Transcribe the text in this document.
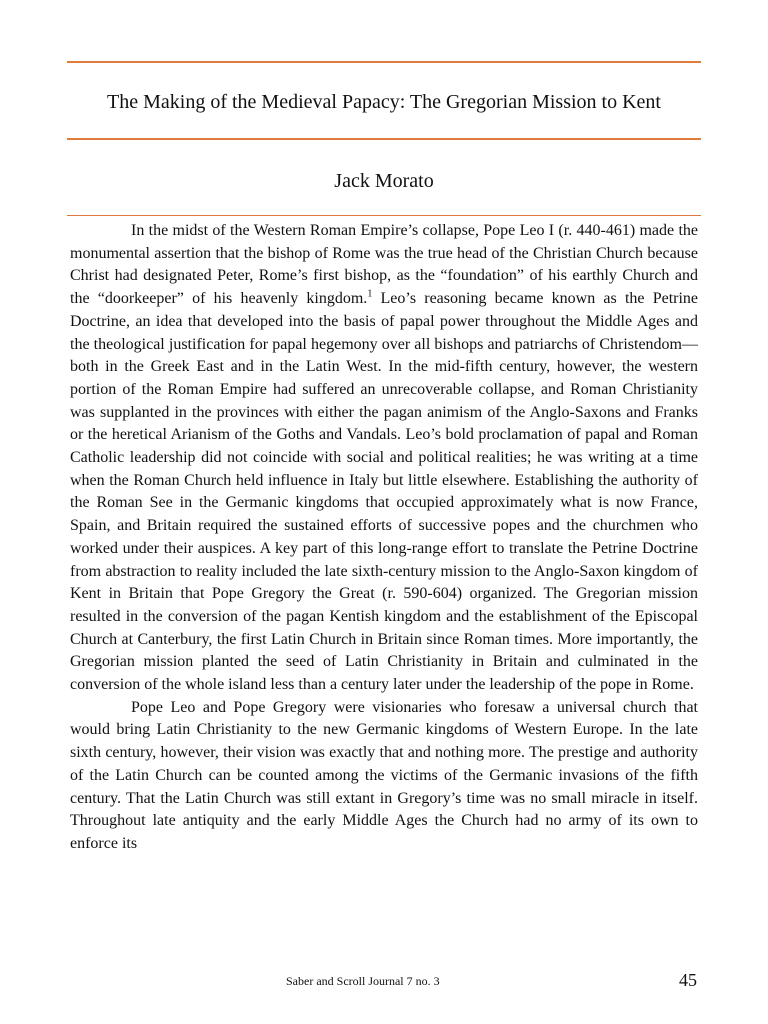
The Making of the Medieval Papacy: The Gregorian Mission to Kent
Jack Morato

In the midst of the Western Roman Empire’s collapse, Pope Leo I (r. 440-461) made the monumental assertion that the bishop of Rome was the true head of the Christian Church because Christ had designated Peter, Rome’s first bishop, as the “foundation” of his earthly Church and the “doorkeeper” of his heavenly kingdom.$^1$ Leo’s reasoning became known as the Petrine Doctrine, an idea that developed into the basis of papal power throughout the Middle Ages and the theological justification for papal hegemony over all bishops and patriarchs of Christendom—both in the Greek East and in the Latin West. In the mid-fifth century, however, the western portion of the Roman Empire had suffered an unrecoverable collapse, and Roman Christianity was supplanted in the provinces with either the pagan animism of the Anglo-Saxons and Franks or the heretical Arianism of the Goths and Vandals. Leo’s bold proclamation of papal and Roman Catholic leadership did not coincide with social and political realities; he was writing at a time when the Roman Church held influence in Italy but little elsewhere. Establishing the authority of the Roman See in the Germanic kingdoms that occupied approximately what is now France, Spain, and Britain required the sustained efforts of successive popes and the churchmen who worked under their auspices. A key part of this long-range effort to translate the Petrine Doctrine from abstraction to reality included the late sixth-century mission to the Anglo-Saxon kingdom of Kent in Britain that Pope Gregory the Great (r. 590-604) organized. The Gregorian mission resulted in the conversion of the pagan Kentish kingdom and the establishment of the Episcopal Church at Canterbury, the first Latin Church in Britain since Roman times. More importantly, the Gregorian mission planted the seed of Latin Christianity in Britain and culminated in the conversion of the whole island less than a century later under the leadership of the pope in Rome.

Pope Leo and Pope Gregory were visionaries who foresaw a universal church that would bring Latin Christianity to the new Germanic kingdoms of Western Europe. In the late sixth century, however, their vision was exactly that and nothing more. The prestige and authority of the Latin Church can be counted among the victims of the Germanic invasions of the fifth century. That the Latin Church was still extant in Gregory’s time was no small miracle in itself. Throughout late antiquity and the early Middle Ages the Church had no army of its own to enforce its

Saber and Scroll Journal 7 no. 3	45
